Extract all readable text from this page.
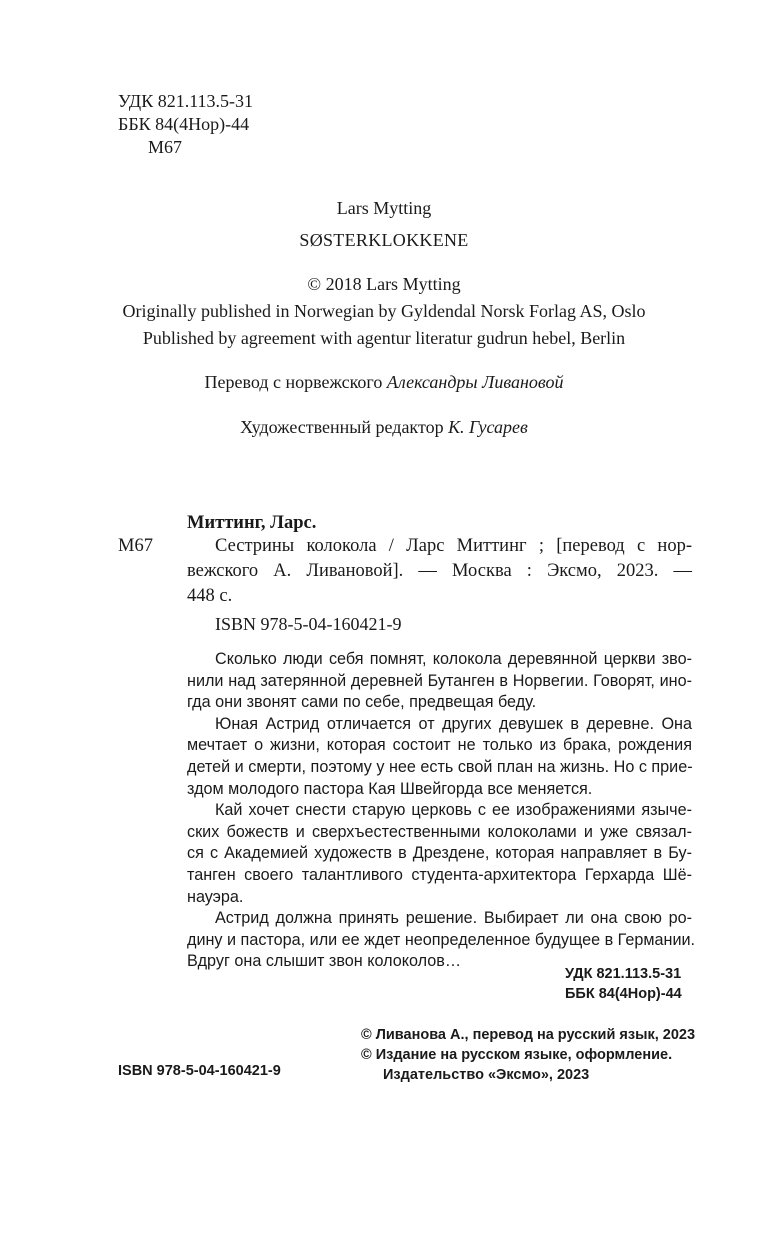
УДК 821.113.5-31
ББК 84(4Нор)-44
М67
Lars Mytting
SØSTERKLOKKENE
© 2018 Lars Mytting
Originally published in Norwegian by Gyldendal Norsk Forlag AS, Oslo
Published by agreement with agentur literatur gudrun hebel, Berlin
Перевод с норвежского Александры Ливановой
Художественный редактор К. Гусарев
Миттинг, Ларс.
М67	Сестрины колокола / Ларс Миттинг ; [перевод с нор-
вежского А. Ливановой]. — Москва : Эксмо, 2023. —
448 с.
ISBN 978-5-04-160421-9
Сколько люди себя помнят, колокола деревянной церкви зво-
нили над затерянной деревней Бутанген в Норвегии. Говорят, ино-
гда они звонят сами по себе, предвещая беду.
Юная Астрид отличается от других девушек в деревне. Она
мечтает о жизни, которая состоит не только из брака, рождения
детей и смерти, поэтому у нее есть свой план на жизнь. Но с прие-
здом молодого пастора Кая Швейгорда все меняется.
Кай хочет снести старую церковь с ее изображениями языче-
ских божеств и сверхъестественными колоколами и уже связал-
ся с Академией художеств в Дрездене, которая направляет в Бу-
танген своего талантливого студента-архитектора Герхарда Шё-
науэра.
Астрид должна принять решение. Выбирает ли она свою ро-
дину и пастора, или ее ждет неопределенное будущее в Германии.
Вдруг она слышит звон колоколов…
УДК 821.113.5-31
ББК 84(4Нор)-44
© Ливанова А., перевод на русский язык, 2023
© Издание на русском языке, оформление.
Издательство «Эксмо», 2023
ISBN 978-5-04-160421-9
